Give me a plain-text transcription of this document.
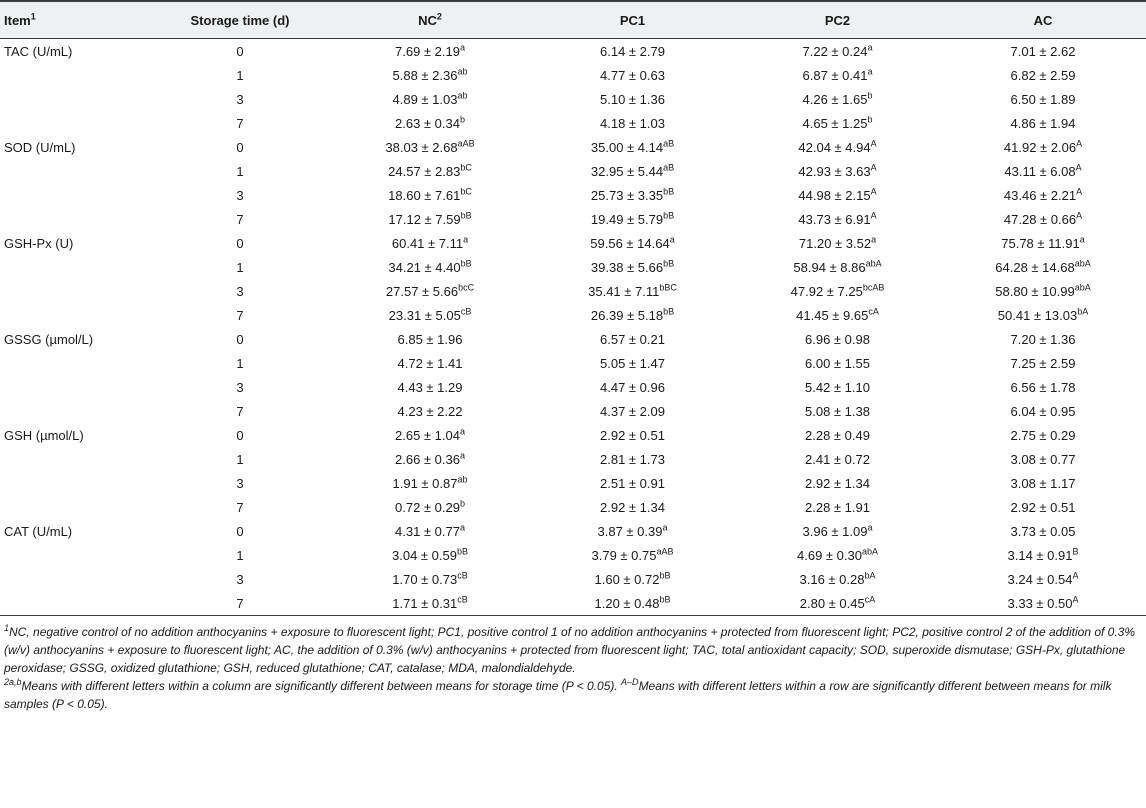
Item$^1$	Storage time (d)	$NC^2$	PC1	PC2	AC
TAC (U/mL)	0	7.69 ± 2.19$^a$	6.14 ± 2.79	7.22 ± 0.24$^a$	7.01 ± 2.62
	1	5.88 ± 2.36$^{ab}$	4.77 ± 0.63	6.87 ± 0.41$^a$	6.82 ± 2.59
	3	4.89 ± 1.03$^{ab}$	5.10 ± 1.36	4.26 ± 1.65$^b$	6.50 ± 1.89
	7	2.63 ± 0.34$^b$	4.18 ± 1.03	4.65 ± 1.25$^b$	4.86 ± 1.94
SOD (U/mL)	0	$38.03 \pm 2.68^{aAB}$	$35.00 \pm 4.14^{aB}$	$42.04 \pm 4.94^A$	$41.92 \pm 2.06^A$
	1	$24.57 \pm 2.83^{bC}$	$32.95 \pm 5.44^{aB}$	$42.93 \pm 3.63^A$	$43.11 \pm 6.08^A$
	3	$18.60 \pm 7.61^{bC}$	$25.73 \pm 3.35^{bB}$	$44.98 \pm 2.15^A$	$43.46 \pm 2.21^A$
	7	$17.12 \pm 7.59^{bB}$	$19.49 \pm 5.79^{bB}$	$43.73 \pm 6.91^A$	$47.28 \pm 0.66^A$
GSH-Px (U)	0	60.41 ± 7.11$^a$	59.56 ± 14.64$^a$	71.20 ± 3.52$^a$	75.78 ± 11.91$^a$
	1	$34.21 \pm 4.40^{bB}$	$39.38 \pm 5.66^{bB}$	$58.94 \pm 8.86^{abA}$	$64.28 \pm 14.68^{abA}$
	3	$27.57 \pm 5.66^{bcC}$	$35.41 \pm 7.11^{bBC}$	$47.92 \pm 7.25^{bcAB}$	$58.80 \pm 10.99^{abA}$
	7	$23.31 \pm 5.05^{cB}$	$26.39 \pm 5.18^{bB}$	$41.45 \pm 9.65^{cA}$	$50.41 \pm 13.03^{bA}$
GSSG (µmol/L)	0	6.85 ± 1.96	6.57 ± 0.21	6.96 ± 0.98	7.20 ± 1.36
	1	4.72 ± 1.41	5.05 ± 1.47	6.00 ± 1.55	7.25 ± 2.59
	3	4.43 ± 1.29	4.47 ± 0.96	5.42 ± 1.10	6.56 ± 1.78
	7	4.23 ± 2.22	4.37 ± 2.09	5.08 ± 1.38	6.04 ± 0.95
GSH (µmol/L)	0	2.65 ± 1.04$^a$	2.92 ± 0.51	2.28 ± 0.49	2.75 ± 0.29
	1	2.66 ± 0.36$^a$	2.81 ± 1.73	2.41 ± 0.72	3.08 ± 0.77
	3	1.91 ± 0.87$^{ab}$	2.51 ± 0.91	2.92 ± 1.34	3.08 ± 1.17
	7	0.72 ± 0.29$^b$	2.92 ± 1.34	2.28 ± 1.91	2.92 ± 0.51
CAT (U/mL)	0	4.31 ± 0.77$^a$	3.87 ± 0.39$^a$	3.96 ± 1.09$^a$	3.73 ± 0.05
	1	$3.04 \pm 0.59^{bB}$	$3.79 \pm 0.75^{aAB}$	$4.69 \pm 0.30^{abA}$	$3.14 \pm 0.91^B$
	3	$1.70 \pm 0.73^{cB}$	$1.60 \pm 0.72^{bB}$	$3.16 \pm 0.28^{bA}$	$3.24 \pm 0.54^A$
	7	$1.71 \pm 0.31^{cB}$	$1.20 \pm 0.48^{bB}$	$2.80 \pm 0.45^{cA}$	$3.33 \pm 0.50^A$

$^1$NC, negative control of no addition anthocyanins + exposure to fluorescent light; PC1, positive control 1 of no addition anthocyanins + protected from fluorescent light; PC2, positive control 2 of the addition of 0.3% (w/v) anthocyanins + exposure to fluorescent light; AC, the addition of 0.3% (w/v) anthocyanins + protected from fluorescent light; TAC, total antioxidant capacity; SOD, superoxide dismutase; GSH-Px, glutathione peroxidase; GSSG, oxidized glutathione; GSH, reduced glutathione; CAT, catalase; MDA, malondialdehyde.

$^{2a,b}$Means with different letters within a column are significantly different between means for storage time (P < 0.05). $^{A-D}$Means with different letters within a row are significantly different between means for milk samples (P < 0.05).
